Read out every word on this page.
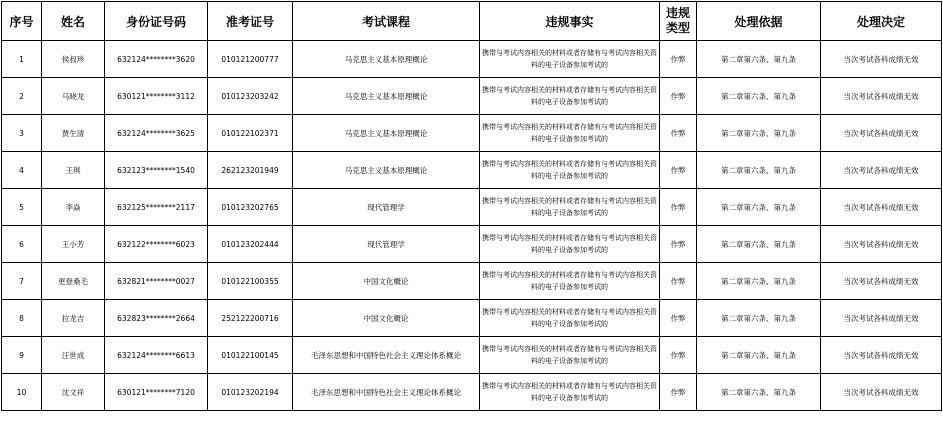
序号	姓名	身份证号码	准考证号	考试课程	违规事实	违规类型	处理依据	处理决定
1	侯叔珍	632124********3620	010121200777	马克思主义基本原理概论	携带与考试内容相关的材料或者存储有与考试内容相关资料的电子设备参加考试的	作弊	第二章第六条、第九条	当次考试各科成绩无效
2	马晓龙	630121********3112	010123203242	马克思主义基本原理概论	携带与考试内容相关的材料或者存储有与考试内容相关资料的电子设备参加考试的	作弊	第二章第六条、第九条	当次考试各科成绩无效
3	贾生清	632124********3625	010122102371	马克思主义基本原理概论	携带与考试内容相关的材料或者存储有与考试内容相关资料的电子设备参加考试的	作弊	第二章第六条、第九条	当次考试各科成绩无效
4	王琪	632123********1540	262123201949	马克思主义基本原理概论	携带与考试内容相关的材料或者存储有与考试内容相关资料的电子设备参加考试的	作弊	第二章第六条、第九条	当次考试各科成绩无效
5	李焱	632125********2117	010123202765	现代管理学	携带与考试内容相关的材料或者存储有与考试内容相关资料的电子设备参加考试的	作弊	第二章第六条、第九条	当次考试各科成绩无效
6	王小芳	632122********6023	010123202444	现代管理学	携带与考试内容相关的材料或者存储有与考试内容相关资料的电子设备参加考试的	作弊	第二章第六条、第九条	当次考试各科成绩无效
7	更登桑毛	632821********0027	010122100355	中国文化概论	携带与考试内容相关的材料或者存储有与考试内容相关资料的电子设备参加考试的	作弊	第二章第六条、第九条	当次考试各科成绩无效
8	拉龙吉	632823********2664	252122200716	中国文化概论	携带与考试内容相关的材料或者存储有与考试内容相关资料的电子设备参加考试的	作弊	第二章第六条、第九条	当次考试各科成绩无效
9	汪世成	632124********6613	010122100145	毛泽东思想和中国特色社会主义理论体系概论	携带与考试内容相关的材料或者存储有与考试内容相关资料的电子设备参加考试的	作弊	第二章第六条、第九条	当次考试各科成绩无效
10	沈文祥	630121********7120	010123202194	毛泽东思想和中国特色社会主义理论体系概论	携带与考试内容相关的材料或者存储有与考试内容相关资料的电子设备参加考试的	作弊	第二章第六条、第九条	当次考试各科成绩无效
